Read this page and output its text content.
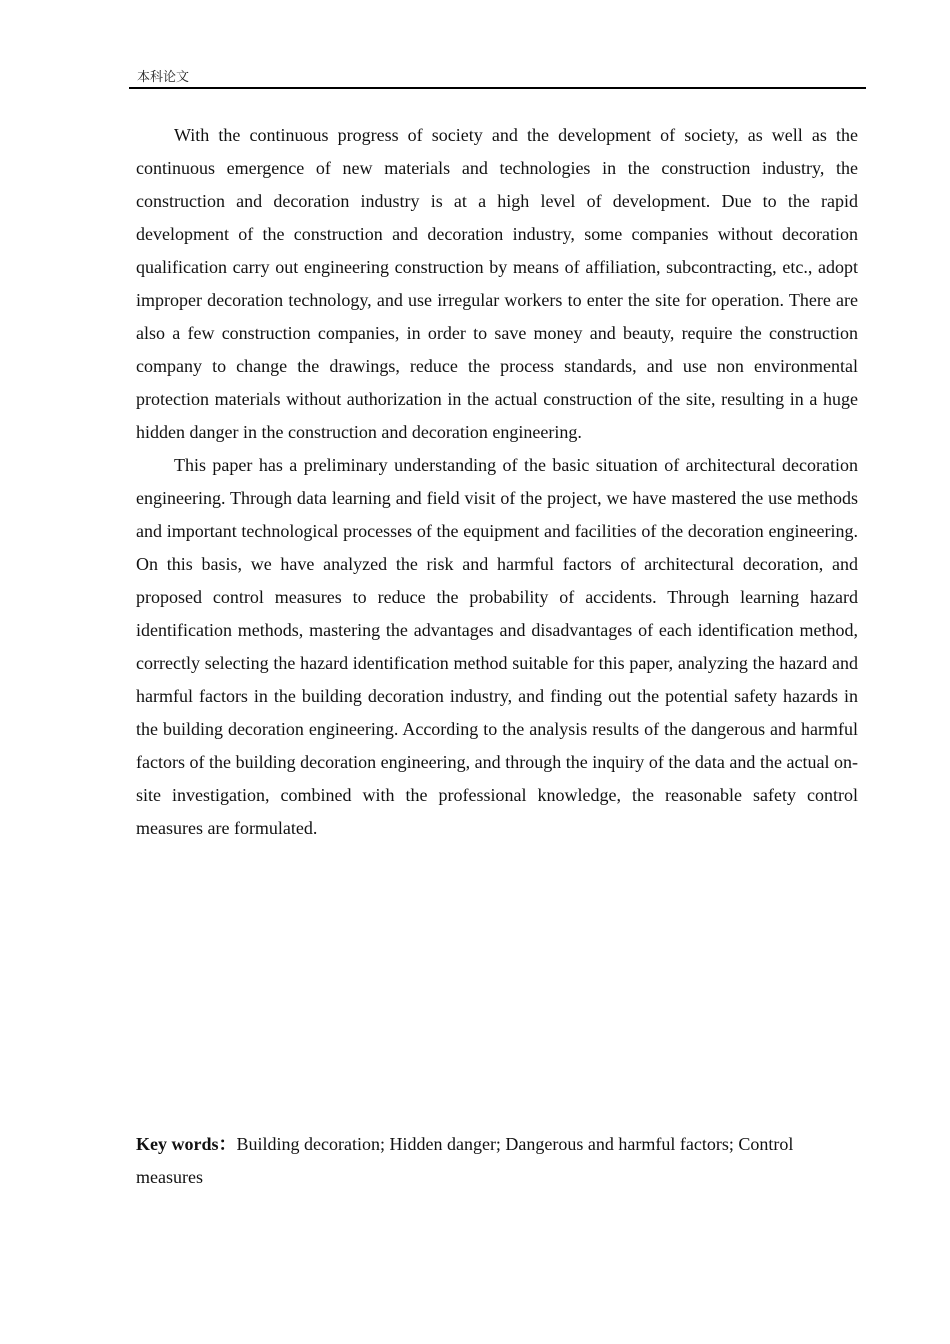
本科论文

With the continuous progress of society and the development of society, as well as the continuous emergence of new materials and technologies in the construction industry, the construction and decoration industry is at a high level of development. Due to the rapid development of the construction and decoration industry, some companies without decoration qualification carry out engineering construction by means of affiliation, subcontracting, etc., adopt improper decoration technology, and use irregular workers to enter the site for operation. There are also a few construction companies, in order to save money and beauty, require the construction company to change the drawings, reduce the process standards, and use non environmental protection materials without authorization in the actual construction of the site, resulting in a huge hidden danger in the construction and decoration engineering.

This paper has a preliminary understanding of the basic situation of architectural decoration engineering. Through data learning and field visit of the project, we have mastered the use methods and important technological processes of the equipment and facilities of the decoration engineering. On this basis, we have analyzed the risk and harmful factors of architectural decoration, and proposed control measures to reduce the probability of accidents. Through learning hazard identification methods, mastering the advantages and disadvantages of each identification method, correctly selecting the hazard identification method suitable for this paper, analyzing the hazard and harmful factors in the building decoration industry, and finding out the potential safety hazards in the building decoration engineering. According to the analysis results of the dangerous and harmful factors of the building decoration engineering, and through the inquiry of the data and the actual on-site investigation, combined with the professional knowledge, the reasonable safety control measures are formulated.

Key words：Building decoration; Hidden danger; Dangerous and harmful factors; Control measures
